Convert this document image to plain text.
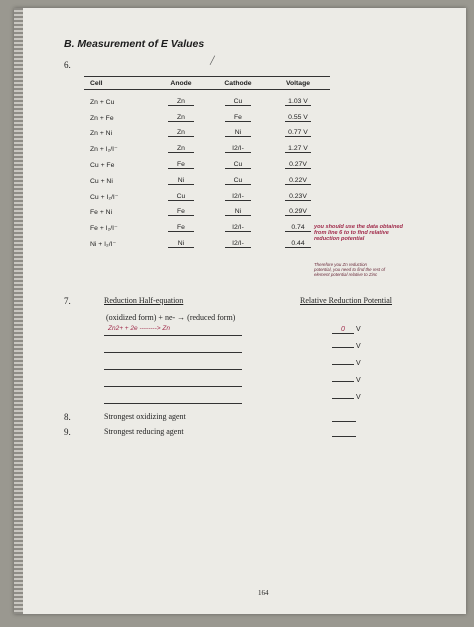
B. Measurement of E Values
6.	╱
Cell	Anode	Cathode	Voltage
Zn + Cu	Zn	Cu	1.03 V
Zn + Fe	Zn	Fe	0.55 V
Zn + Ni	Zn	Ni	0.77 V
Zn + I₂/I⁻	Zn	I2/I-	1.27 V
Cu + Fe	Fe	Cu	0.27V
Cu + Ni	Ni	Cu	0.22V
Cu + I₂/I⁻	Cu	I2/I-	0.23V
Fe + Ni	Fe	Ni	0.29V
Fe + I₂/I⁻	Fe	I2/I-	0.74
Ni + I₂/I⁻	Ni	I2/I-	0.44
you should use the data obtained
from line 6 to to find relative
reduction potential
Therefore you Zn reduction
potential, you need to find the rest of
element potential relative to Zinc
7.	Reduction Half-equation	Relative Reduction Potential
(oxidized form) + ne- → (reduced form)
Zn2+ + 2e --------> Zn	0 V
V
V
V
V
8.	Strongest oxidizing agent
9.	Strongest reducing agent
164
